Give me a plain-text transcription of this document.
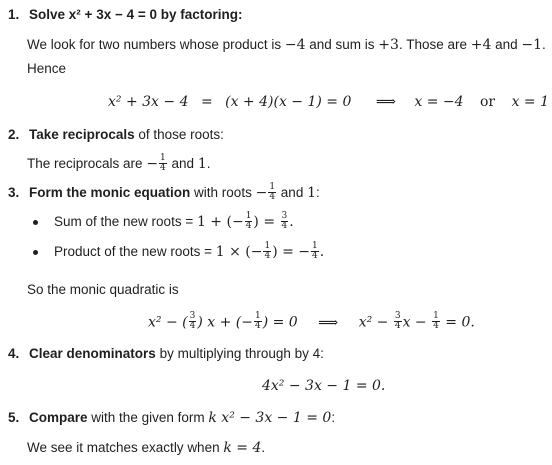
1. Solve x² + 3x − 4 = 0 by factoring:
We look for two numbers whose product is −4 and sum is +3. Those are +4 and −1.
Hence
x² + 3x − 4 = (x + 4)(x − 1) = 0 ⟹ x = −4 or x = 1
2. Take reciprocals of those roots:
The reciprocals are − $\frac{1}{4}$ and 1.
3. Form the monic equation with roots − $\frac{1}{4}$ and 1:
Sum of the new roots = 1 + (− $\frac{1}{4}$ ) = $\frac{3}{4}$ .
Product of the new roots = 1 × (− $\frac{1}{4}$ ) = − $\frac{1}{4}$ .
So the monic quadratic is
x² − ( $\frac{3}{4}$ ) x + (− $\frac{1}{4}$ ) = 0 ⟹ $x^2 - \frac{3}{4}$ $x - \frac{1}{4} = 0$.
4. Clear denominators by multiplying through by 4:
4x² − 3x − 1 = 0.
5. Compare with the given form k x² − 3x − 1 = 0:
We see it matches exactly when k = 4.
